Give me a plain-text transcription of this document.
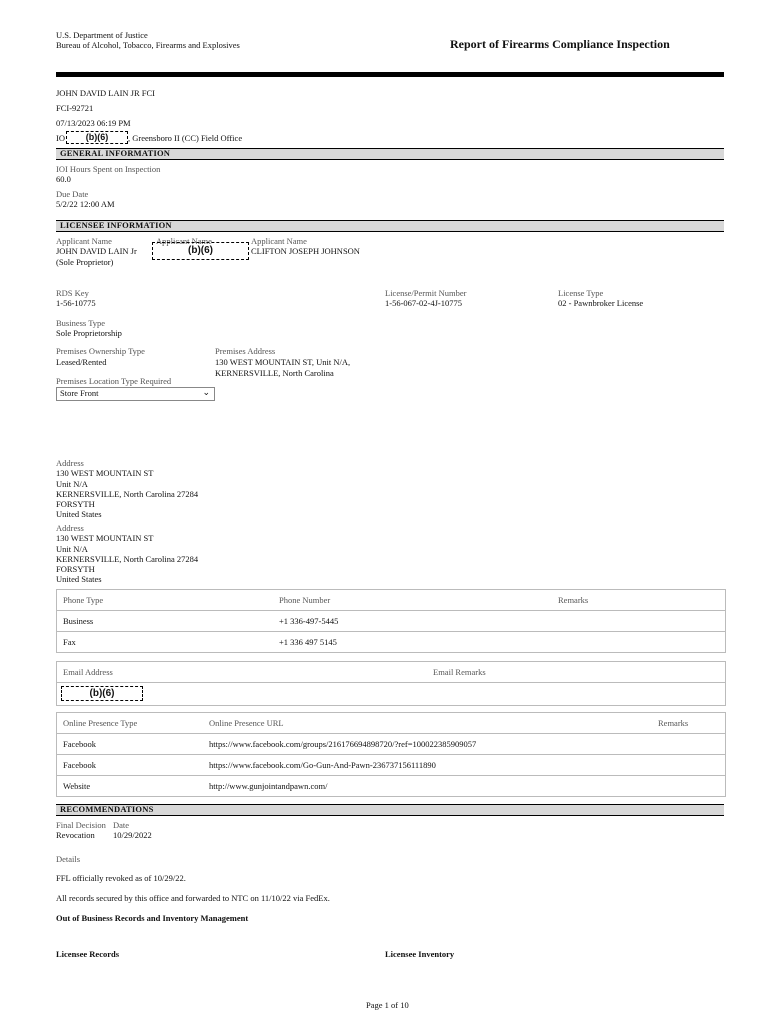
U.S. Department of Justice
Bureau of Alcohol, Tobacco, Firearms and Explosives	Report of Firearms Compliance Inspection
JOHN DAVID LAIN JR FCI
FCI-92721
07/13/2023 06:19 PM
IO	(b)(6)	, Greensboro II (CC) Field Office
GENERAL INFORMATION
IOI Hours Spent on Inspection
60.0
Due Date
5/2/22 12:00 AM
LICENSEE INFORMATION
Applicant Name
JOHN DAVID LAIN Jr
(Sole Proprietor)
Applicant Name
(b)(6)
Applicant Name
CLIFTON JOSEPH JOHNSON
RDS Key
1-56-10775
License/Permit Number
1-56-067-02-4J-10775
License Type
02 - Pawnbroker License
Business Type
Sole Proprietorship
Premises Ownership Type
Leased/Rented
Premises Address
130 WEST MOUNTAIN ST, Unit N/A,
KERNERSVILLE, North Carolina
Premises Location Type Required
Store Front	⌄
Address
130 WEST MOUNTAIN ST
Unit N/A
KERNERSVILLE, North Carolina 27284
FORSYTH
United States
Address
130 WEST MOUNTAIN ST
Unit N/A
KERNERSVILLE, North Carolina 27284
FORSYTH
United States
Phone Type	Phone Number	Remarks
Business	+1 336-497-5445
Fax	+1 336 497 5145
Email Address	Email Remarks
(b)(6)
Online Presence Type	Online Presence URL	Remarks
Facebook	https://www.facebook.com/groups/216176694898720/?ref=100022385909057
Facebook	https://www.facebook.com/Go-Gun-And-Pawn-236737156111890
Website	http://www.gunjointandpawn.com/
RECOMMENDATIONS
Final Decision Date
Revocation 10/29/2022
Details
FFL officially revoked as of 10/29/22.
All records secured by this office and forwarded to NTC on 11/10/22 via FedEx.
Out of Business Records and Inventory Management
Licensee Records	Licensee Inventory
Page 1 of 10
